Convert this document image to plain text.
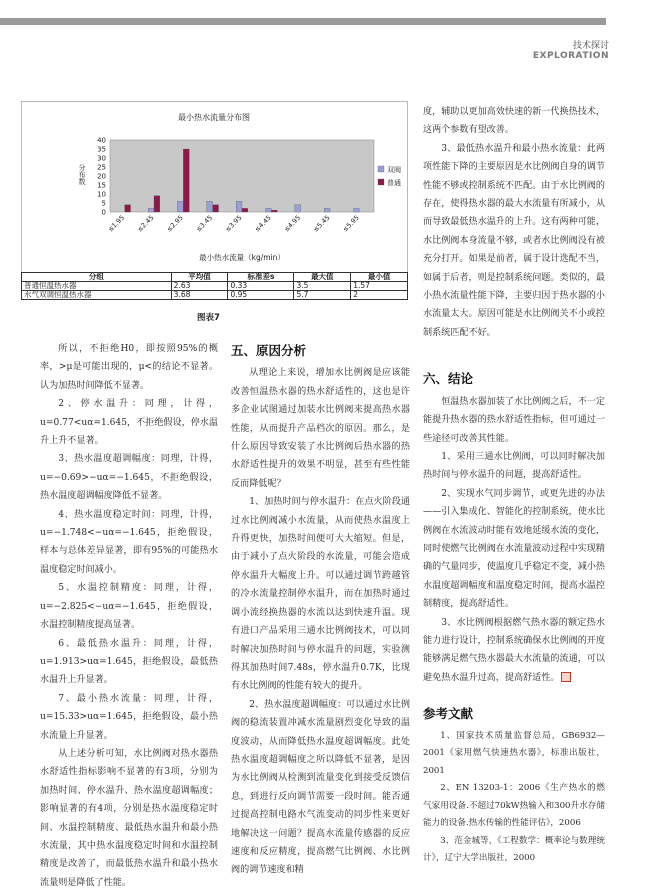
技术探讨
EXPLORATION
最小热水流量分布图
分布数
最小热水流量（kg/min）
0
5
10
15
20
25
30
35
40
≤1.95 ≤2.45 ≤2.95 ≤3.45 ≤3.95 ≤4.45 ≤4.95 ≤5.45 ≤5.95
双阀
普通
分组	平均值	标准差s	最大值	最小值
普通恒温热水器	2.63	0.33	3.5	1.57
水气双调恒温热水器	3.68	0.95	5.7	2
图表7

所以，不拒绝H0，即按照95%的概率，>μ是可能出现的，μ<的结论不显著。认为加热时间降低不显著。

2、停水温升：同理，计得，u=0.77<uα=1.645，不拒绝假设，停水温升上升不显著。

3、热水温度超调幅度：同理，计得，u=−0.69>−uα=−1.645，不拒绝假设，热水温度超调幅度降低不显著。

4、热水温度稳定时间：同理，计得，u=−1.748<−uα=−1.645，拒绝假设，样本与总体差异显著，即有95%的可能热水温度稳定时间减小。

5、水温控制精度：同理，计得，u=−2.825<−uα=−1.645，拒绝假设，水温控制精度提高显著。

6、最低热水温升：同理，计得，u=1.913>uα=1.645，拒绝假设，最低热水温升上升显著。

7、最小热水流量：同理，计得，u=15.33>uα=1.645，拒绝假设，最小热水流量上升显著。

从上述分析可知，水比例阀对热水器热水舒适性指标影响不显著的有3项，分别为加热时间、停水温升、热水温度超调幅度；影响显著的有4项，分别是热水温度稳定时间、水温控制精度、最低热水温升和最小热水流量，其中热水温度稳定时间和水温控制精度是改善了，而最低热水温升和最小热水流量则是降低了性能。

五、原因分析

从理论上来说，增加水比例阀是应该能改善恒温热水器的热水舒适性的，这也是许多企业试图通过加装水比例阀来提高热水器性能，从而提升产品档次的原因。那么，是什么原因导致安装了水比例阀后热水器的热水舒适性提升的效果不明显，甚至有些性能反而降低呢？

1、加热时间与停水温升：在点火阶段通过水比例阀减小水流量，从而使热水温度上升得更快，加热时间便可大大缩短。但是，由于减小了点火阶段的水流量，可能会造成停水温升大幅度上升。可以通过调节跨越管的冷水流量控制停水温升，而在加热时通过调小流经换热器的水流以达到快速升温。现有进口产品采用三通水比例阀技术，可以同时解决加热时间与停水温升的问题，实验测得其加热时间7.48s，停水温升0.7K，比现有水比例阀的性能有较大的提升。

2、热水温度超调幅度：可以通过水比例阀的稳流装置冲减水流量剧烈变化导致的温度波动，从而降低热水温度超调幅度。此处热水温度超调幅度之所以降低不显著，是因为水比例阀从检测到流量变化到接受反馈信息，到进行反向调节需要一段时间。能否通过提高控制电路水气流变动的同步性来更好地解决这一问题？提高水流量传感器的反应速度和反应精度，提高燃气比例阀、水比例阀的调节速度和精

度，辅助以更加高效快速的新一代换热技术，这两个参数有望改善。

3、最低热水温升和最小热水流量：此两项性能下降的主要原因是水比例阀自身的调节性能不够或控制系统不匹配。由于水比例阀的存在，使得热水器的最大水流量有所减小，从而导致最低热水温升的上升。这有两种可能，水比例阀本身流量不够，或者水比例阀没有被充分打开。如果是前者，属于设计选配不当，如属于后者，则是控制系统问题。类似的，最小热水流量性能下降，主要归因于热水器的小水流量太大。原因可能是水比例阀关不小或控制系统匹配不好。

六、结论

恒温热水器加装了水比例阀之后，不一定能提升热水器的热水舒适性指标，但可通过一些途径可改善其性能。

1、采用三通水比例阀，可以同时解决加热时间与停水温升的问题，提高舒适性。

2、实现水气同步调节，或更先进的办法——引入集成化、智能化的控制系统，使水比例阀在水流波动时能有效地延缓水流的变化，同时使燃气比例阀在水流量波动过程中实现精确的气量同步，使温度几乎稳定不变，减小热水温度超调幅度和温度稳定时间，提高水温控制精度，提高舒适性。

3、水比例阀根据燃气热水器的额定热水能力进行设计，控制系统确保水比例阀的开度能够满足燃气热水器最大水流量的流通，可以避免热水温升过高，提高舒适性。

参考文献

1、国家技术质量监督总局，GB6932—2001《家用燃气快速热水器》，标准出版社，2001

2、EN 13203-1：2006《生产热水的燃气家用设备.不超过70kW热输入和300升水存储能力的设备.热水传输的性能评估》，2006

3、范金城等，《工程数学：概率论与数理统计》，辽宁大学出版社，2000
